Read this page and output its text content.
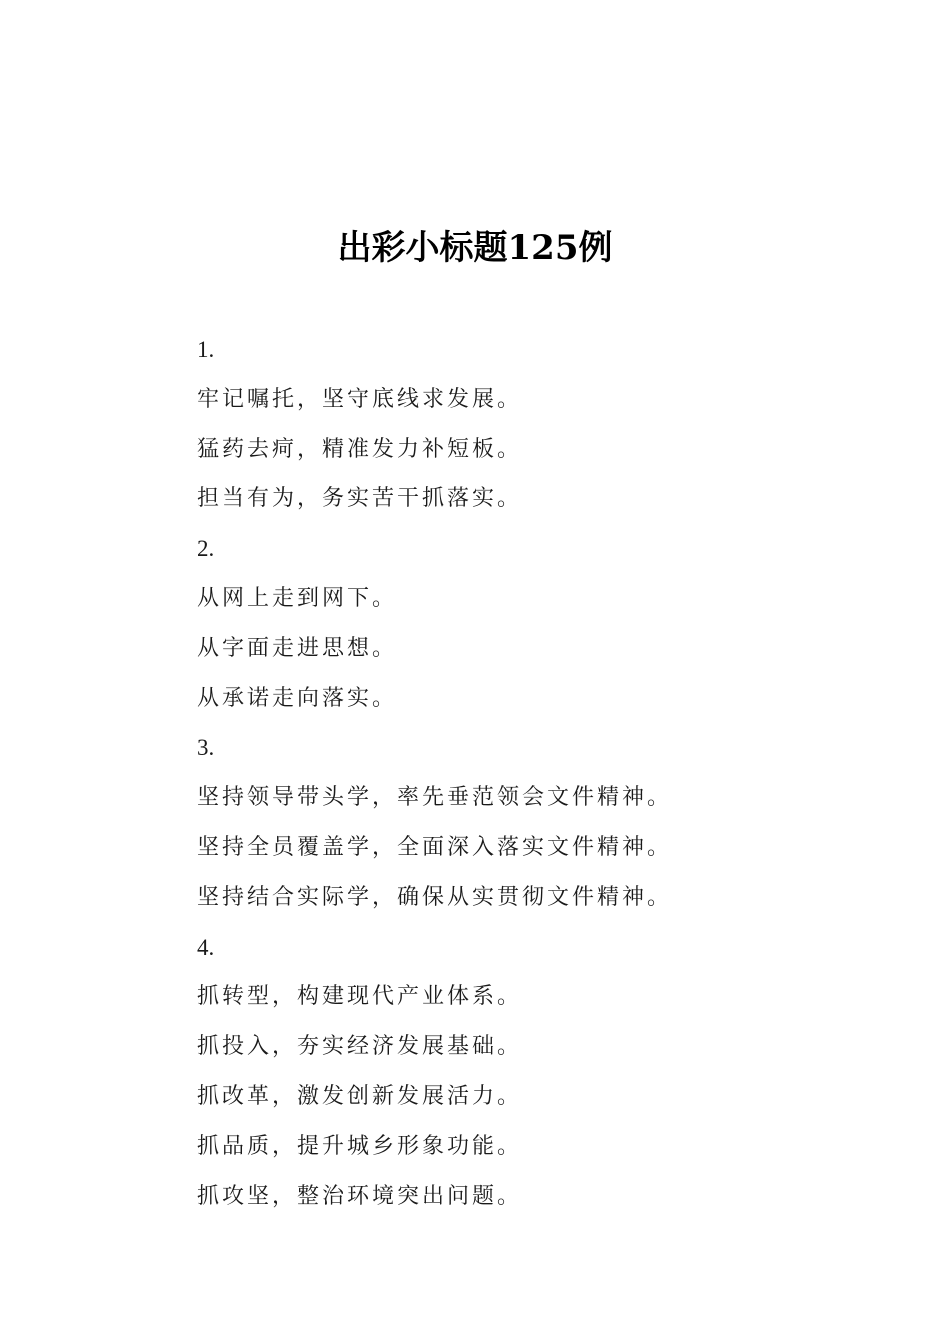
出彩小标题125例
1.
牢记嘱托，坚守底线求发展。
猛药去疴，精准发力补短板。
担当有为，务实苦干抓落实。
2.
从网上走到网下。
从字面走进思想。
从承诺走向落实。
3.
坚持领导带头学，率先垂范领会文件精神。
坚持全员覆盖学，全面深入落实文件精神。
坚持结合实际学，确保从实贯彻文件精神。
4.
抓转型，构建现代产业体系。
抓投入，夯实经济发展基础。
抓改革，激发创新发展活力。
抓品质，提升城乡形象功能。
抓攻坚，整治环境突出问题。
